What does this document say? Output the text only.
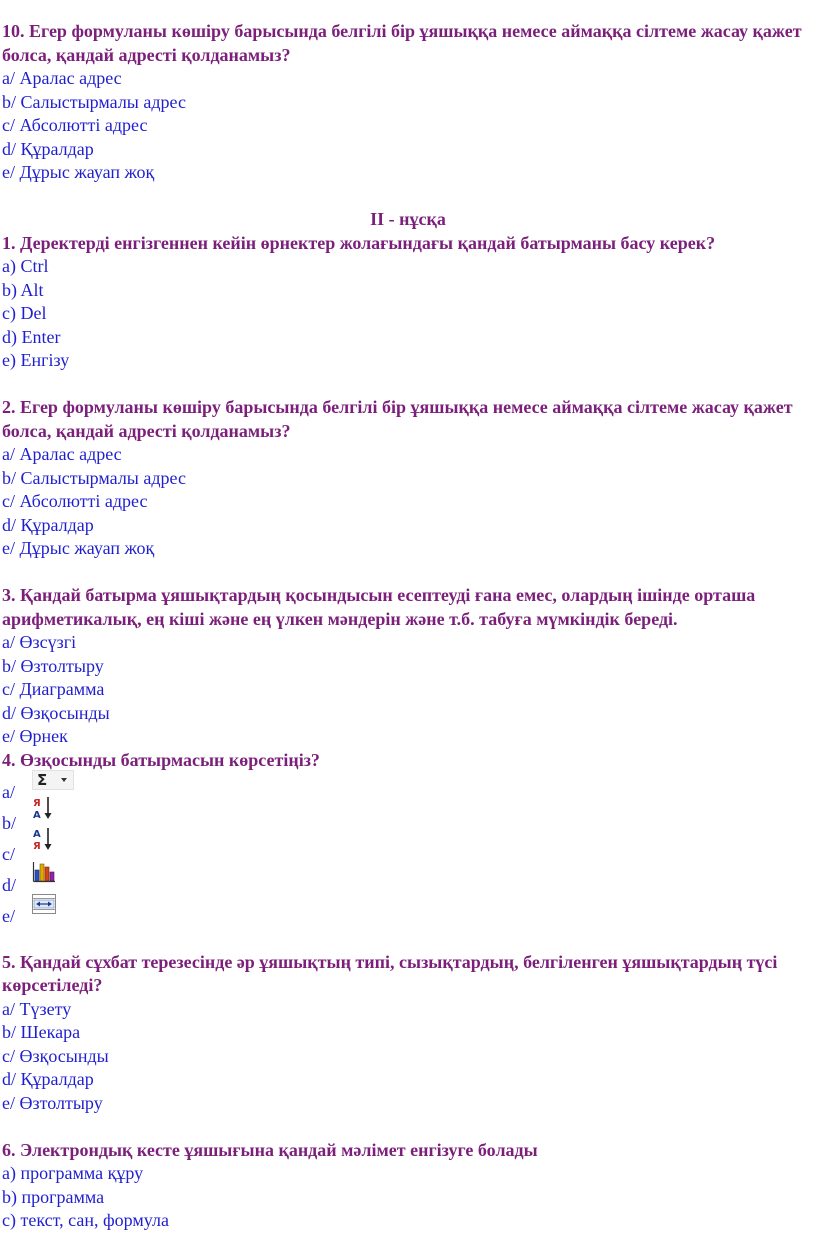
10. Егер формуланы көшіру барысында белгілі бір ұяшыққа немесе аймаққа сілтеме жасау қажет болса, қандай адресті қолданамыз?

a/ Аралас адрес

b/ Салыстырмалы адрес

c/ Абсолютті адрес

d/ Құралдар

e/ Дұрыс жауап жоқ

ІІ - нұсқа

1. Деректерді енгізгеннен кейін өрнектер жолағындағы қандай батырманы басу керек?

a) Ctrl

b) Alt

c) Del

d) Enter

e) Енгізу

2. Егер формуланы көшіру барысында белгілі бір ұяшыққа немесе аймаққа сілтеме жасау қажет болса, қандай адресті қолданамыз?

a/ Аралас адрес

b/ Салыстырмалы адрес

c/ Абсолютті адрес

d/ Құралдар

e/ Дұрыс жауап жоқ

3. Қандай батырма ұяшықтардың қосындысын есептеуді ғана емес, олардың ішінде орташа арифметикалық, ең кіші және ең үлкен мәндерін және т.б. табуға мүмкіндік береді.

a/ Өзсүзгі

b/ Өзтолтыру

c/ Диаграмма

d/ Өзқосынды

e/ Өрнек

4. Өзқосынды батырмасын көрсетіңіз?

a/
Σ
b/
Я
А
c/
А
Я
d/
e/

5. Қандай сұхбат терезесінде әр ұяшықтың типі, сызықтардың, белгіленген ұяшықтардың түсі көрсетіледі?

a/ Түзету

b/ Шекара

c/ Өзқосынды

d/ Құралдар

e/ Өзтолтыру

6. Электрондық кесте ұяшығына қандай мәлімет енгізуге болады

a) программа құру

b) программа

c) текст, сан, формула
